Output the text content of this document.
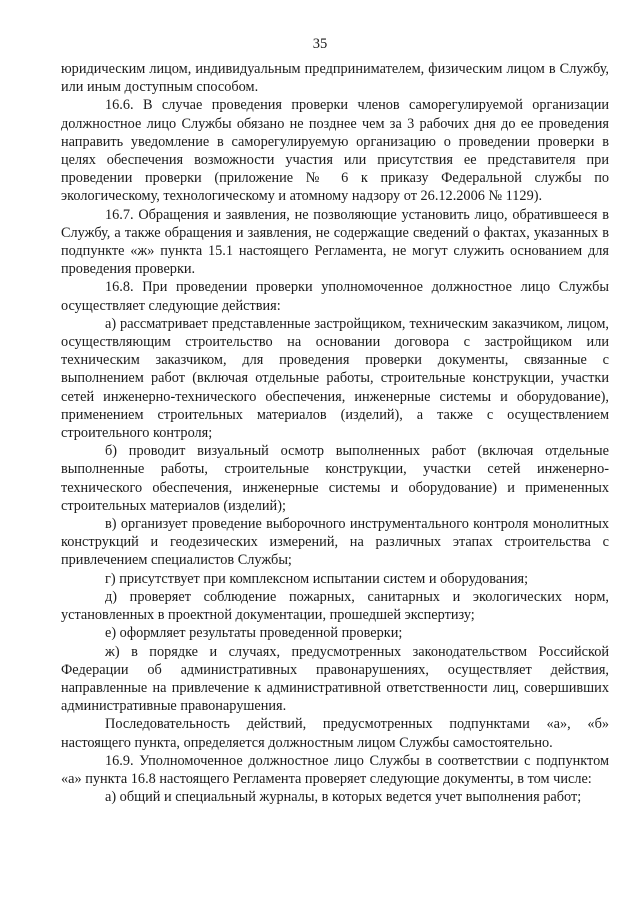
35

юридическим лицом, индивидуальным предпринимателем, физическим лицом в Службу, или иным доступным способом.

16.6. В случае проведения проверки членов саморегулируемой организации должностное лицо Службы обязано не позднее чем за 3 рабочих дня до ее проведения направить уведомление в саморегулируемую организацию о проведении проверки в целях обеспечения возможности участия или присутствия ее представителя при проведении проверки (приложение № 6 к приказу Федеральной службы по экологическому, технологическому и атомному надзору от 26.12.2006 № 1129).

16.7. Обращения и заявления, не позволяющие установить лицо, обратившееся в Службу, а также обращения и заявления, не содержащие сведений о фактах, указанных в подпункте «ж» пункта 15.1 настоящего Регламента, не могут служить основанием для проведения проверки.

16.8. При проведении проверки уполномоченное должностное лицо Службы осуществляет следующие действия:

а) рассматривает представленные застройщиком, техническим заказчиком, лицом, осуществляющим строительство на основании договора с застройщиком или техническим заказчиком, для проведения проверки документы, связанные с выполнением работ (включая отдельные работы, строительные конструкции, участки сетей инженерно-технического обеспечения, инженерные системы и оборудование), применением строительных материалов (изделий), а также с осуществлением строительного контроля;

б) проводит визуальный осмотр выполненных работ (включая отдельные выполненные работы, строительные конструкции, участки сетей инженерно-технического обеспечения, инженерные системы и оборудование) и примененных строительных материалов (изделий);

в) организует проведение выборочного инструментального контроля монолитных конструкций и геодезических измерений, на различных этапах строительства с привлечением специалистов Службы;

г) присутствует при комплексном испытании систем и оборудования;

д) проверяет соблюдение пожарных, санитарных и экологических норм, установленных в проектной документации, прошедшей экспертизу;

е) оформляет результаты проведенной проверки;

ж) в порядке и случаях, предусмотренных законодательством Российской Федерации об административных правонарушениях, осуществляет действия, направленные на привлечение к административной ответственности лиц, совершивших административные правонарушения.

Последовательность действий, предусмотренных подпунктами «а», «б» настоящего пункта, определяется должностным лицом Службы самостоятельно.

16.9. Уполномоченное должностное лицо Службы в соответствии с подпунктом «а» пункта 16.8 настоящего Регламента проверяет следующие документы, в том числе:

а) общий и специальный журналы, в которых ведется учет выполнения работ;
